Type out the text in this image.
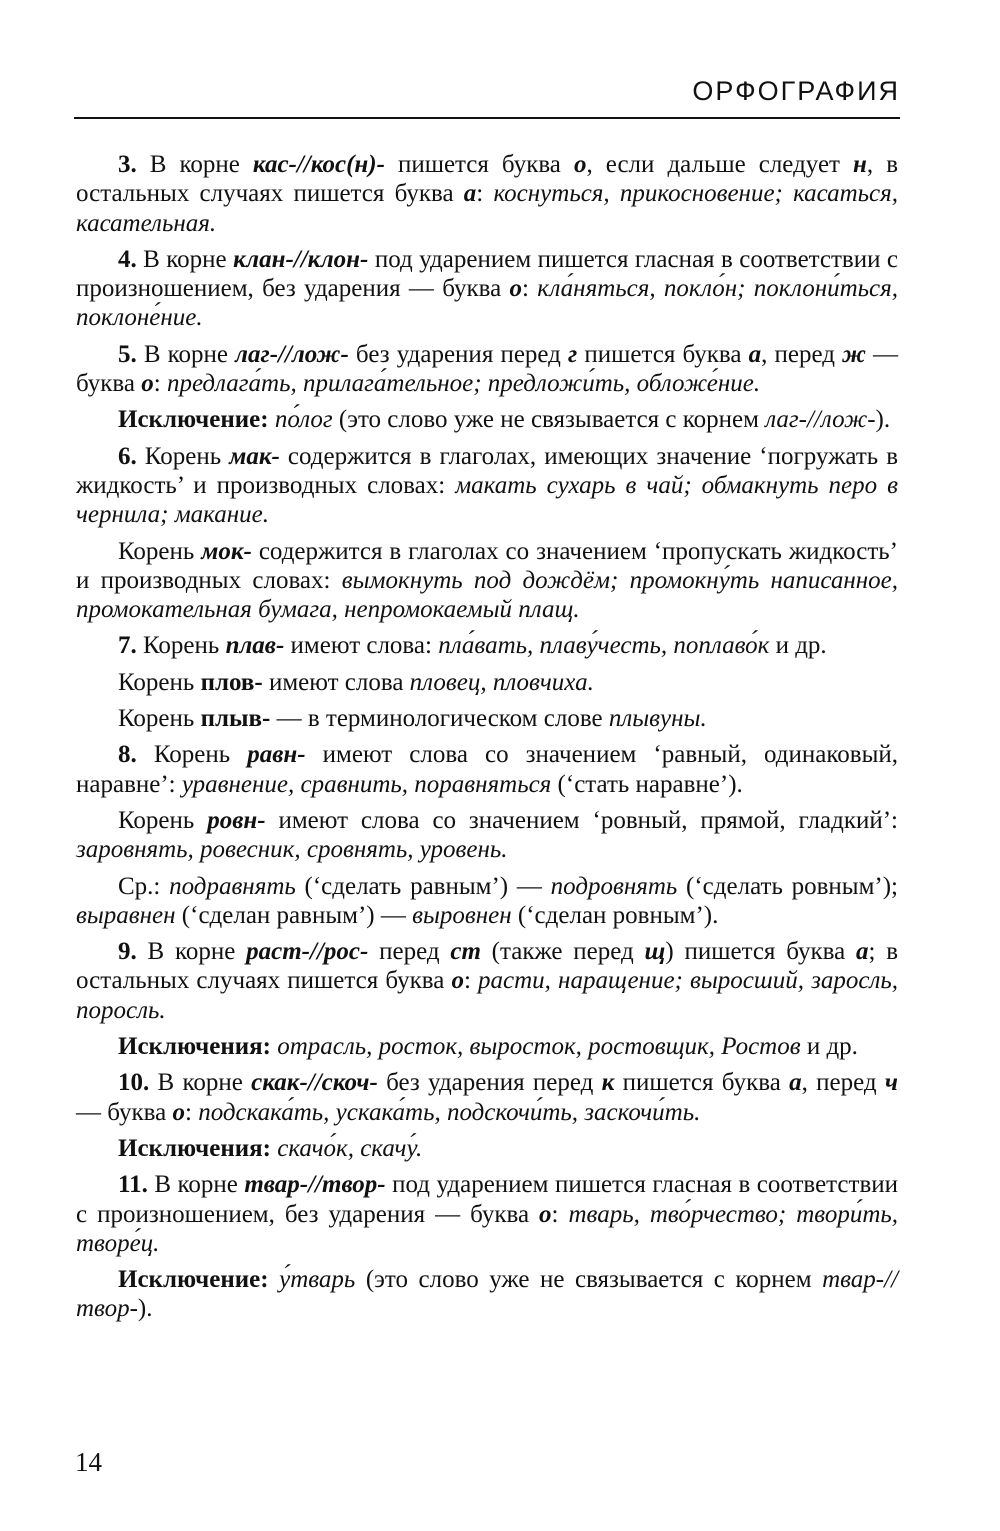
ОРФОГРАФИЯ

3. В корне кас-//кос(н)- пишется буква о, если дальше следует н, в остальных случаях пишется буква а: коснуться, прикосновение; касаться, касательная.

4. В корне клан-//клон- под ударением пишется гласная в соответствии с произношением, без ударения — буква о: кла́няться, покло́н; поклони́ться, поклоне́ние.

5. В корне лаг-//лож- без ударения перед г пишется буква а, перед ж — буква о: предлага́ть, прилага́тельное; предложи́ть, обложе́ние.

Исключение: по́лог (это слово уже не связывается с корнем лаг-//лож-).

6. Корень мак- содержится в глаголах, имеющих значение ‘погружать в жидкость’ и производных словах: макать сухарь в чай; обмакнуть перо в чернила; макание.

Корень мок- содержится в глаголах со значением ‘пропускать жидкость’ и производных словах: вымокнуть под дождём; промокну́ть написанное, промокательная бумага, непромокаемый плащ.

7. Корень плав- имеют слова: пла́вать, плаву́честь, поплаво́к и др.

Корень плов- имеют слова пловец, пловчиха.

Корень плыв- — в терминологическом слове плывуны.

8. Корень равн- имеют слова со значением ‘равный, одинаковый, наравне’: уравнение, сравнить, поравняться (‘стать наравне’).

Корень ровн- имеют слова со значением ‘ровный, прямой, гладкий’: заровнять, ровесник, сровнять, уровень.

Ср.: подравнять (‘сделать равным’) — подровнять (‘сделать ровным’); выравнен (‘сделан равным’) — выровнен (‘сделан ровным’).

9. В корне раст-//рос- перед ст (также перед щ) пишется буква а; в остальных случаях пишется буква о: расти, наращение; выросший, заросль, поросль.

Исключения: отрасль, росток, выросток, ростовщик, Ростов и др.

10. В корне скак-//скоч- без ударения перед к пишется буква а, перед ч — буква о: подскака́ть, ускака́ть, подскочи́ть, заскочи́ть.

Исключения: скачо́к, скачу́.

11. В корне твар-//твор- под ударением пишется гласная в соответствии с произношением, без ударения — буква о: тварь, тво́рчество; твори́ть, творе́ц.

Исключение: у́тварь (это слово уже не связывается с корнем твар-//твор-).

14
